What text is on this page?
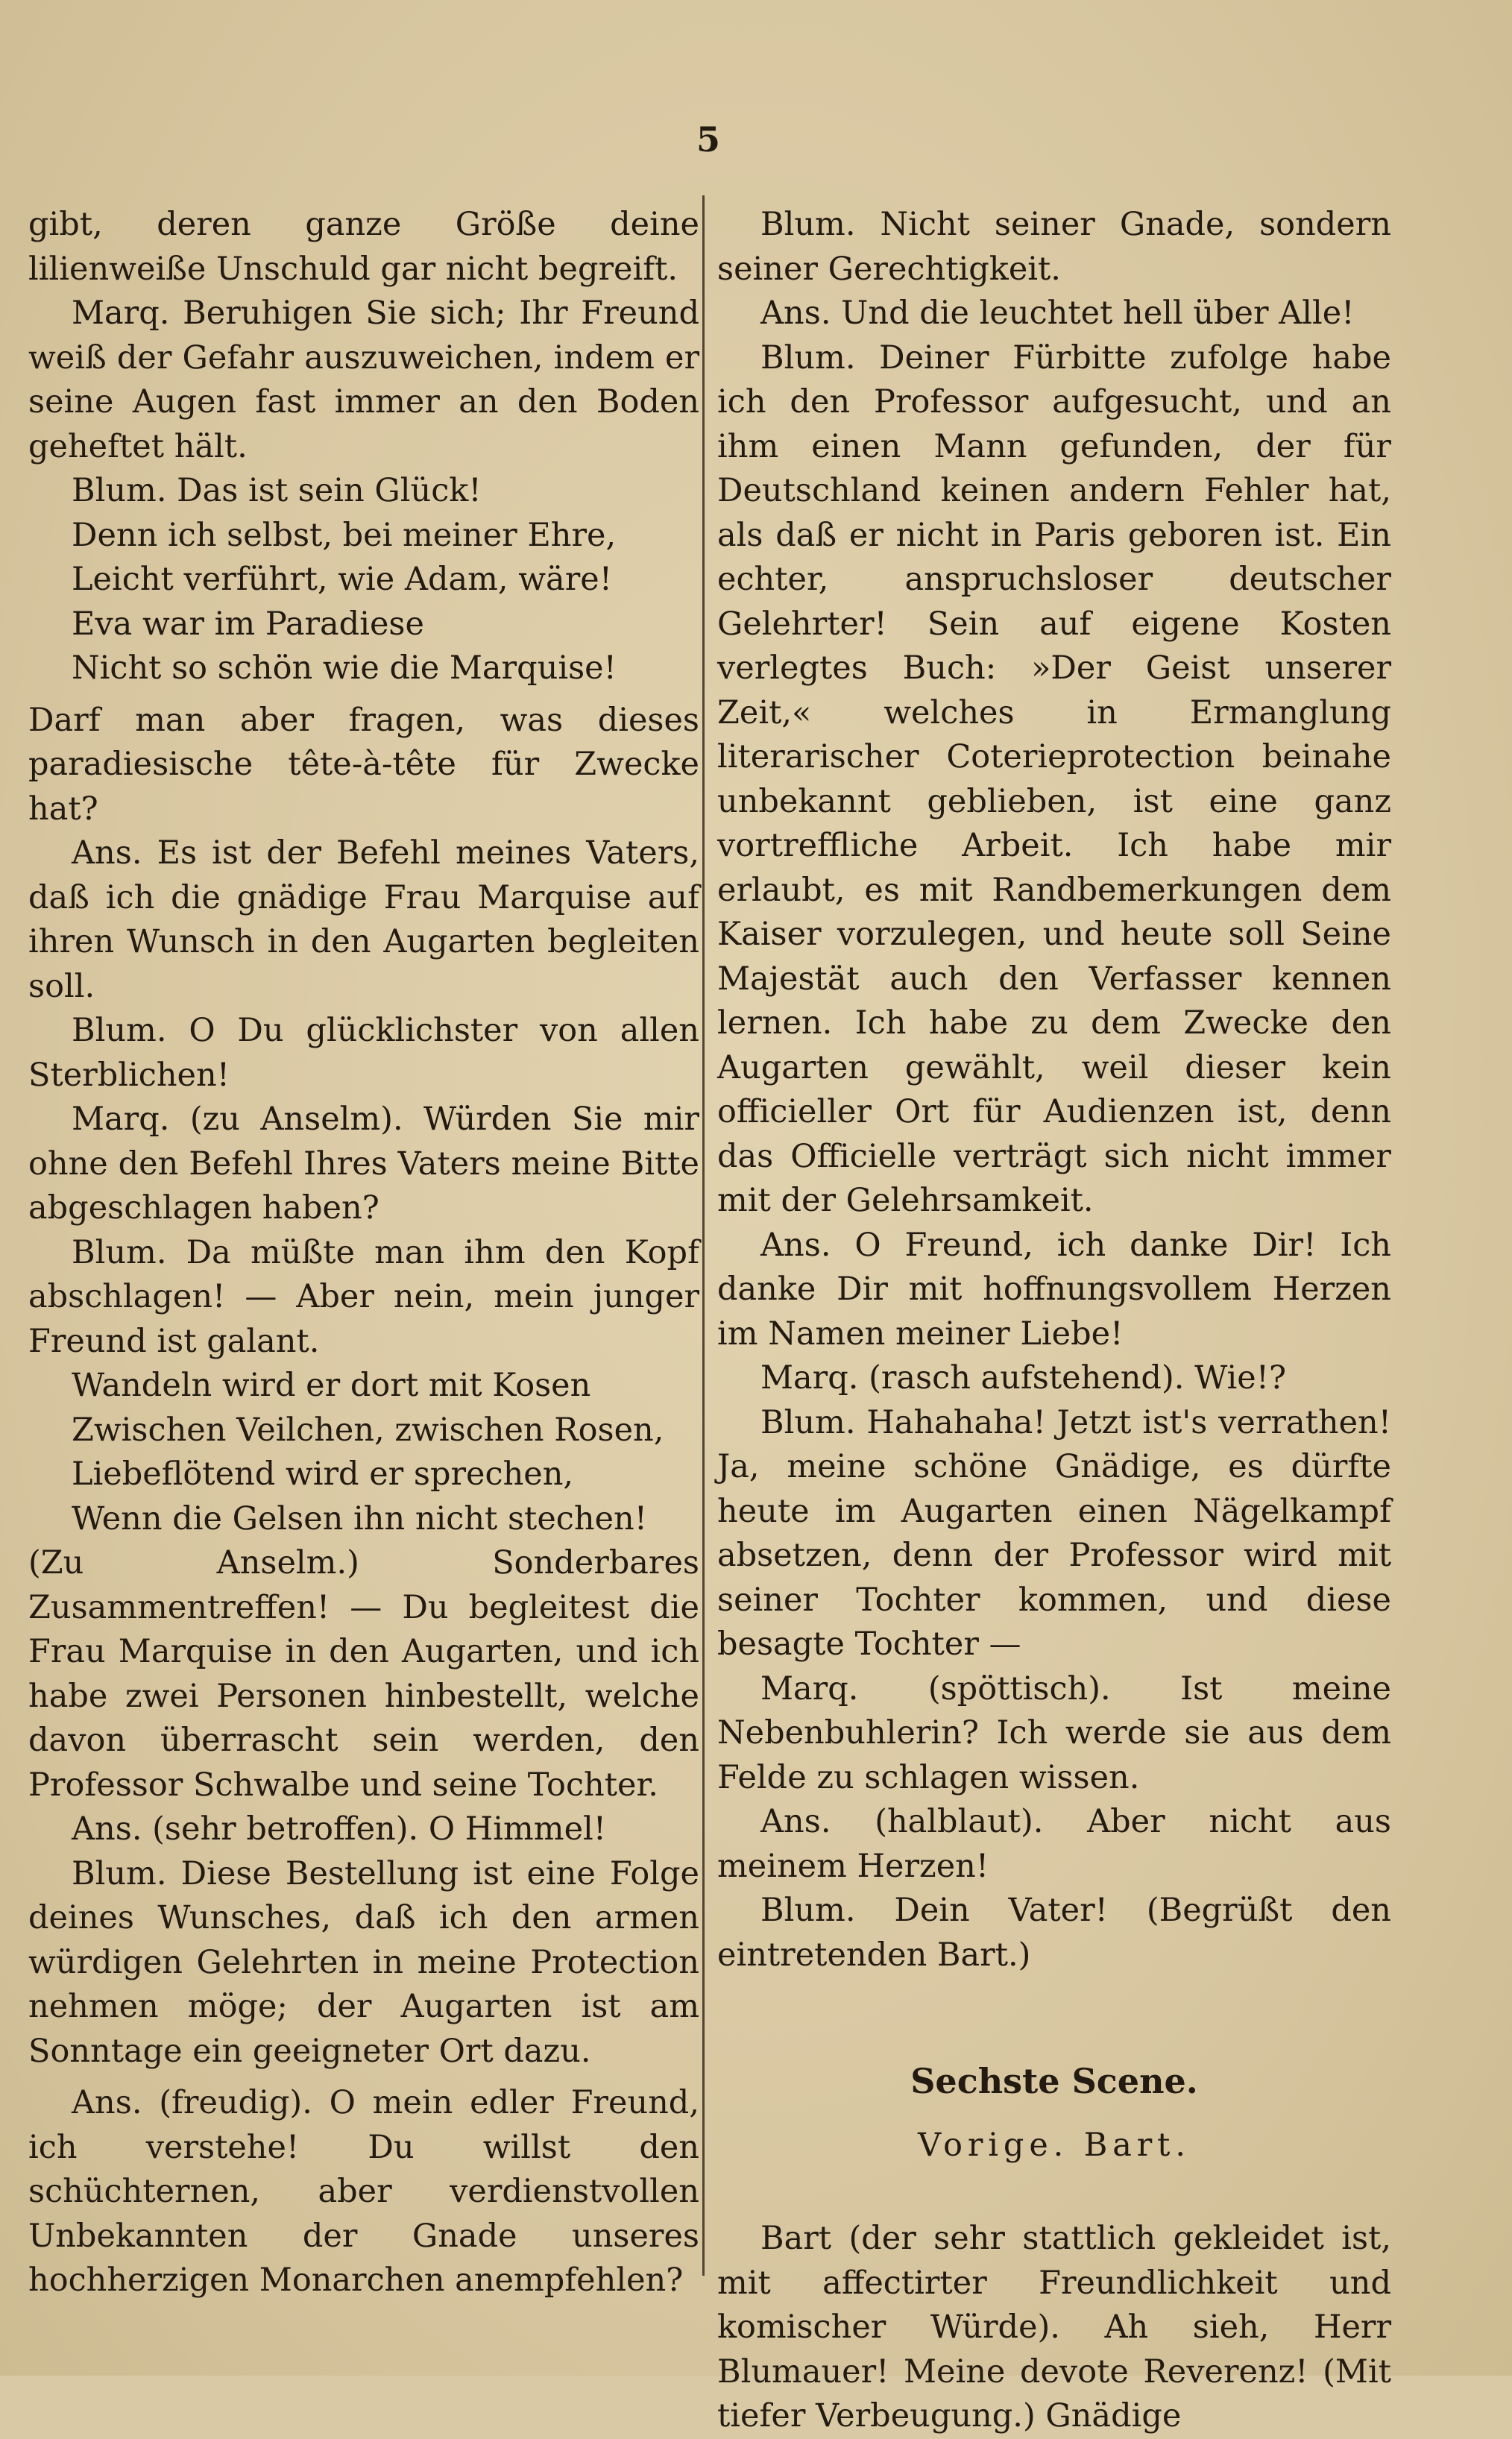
5

gibt, deren ganze Größe deine lilienweiße Unschuld gar nicht begreift.

Marq. Beruhigen Sie sich; Ihr Freund weiß der Gefahr auszuweichen, indem er seine Augen fast immer an den Boden geheftet hält.

Blum. Das ist sein Glück!

Denn ich selbst, bei meiner Ehre,

Leicht verführt, wie Adam, wäre!

Eva war im Paradiese

Nicht so schön wie die Marquise!

Darf man aber fragen, was dieses paradiesische tête-à-tête für Zwecke hat?

Ans. Es ist der Befehl meines Vaters, daß ich die gnädige Frau Marquise auf ihren Wunsch in den Augarten begleiten soll.

Blum. O Du glücklichster von allen Sterblichen!

Marq. (zu Anselm). Würden Sie mir ohne den Befehl Ihres Vaters meine Bitte abgeschlagen haben?

Blum. Da müßte man ihm den Kopf abschlagen! — Aber nein, mein junger Freund ist galant.

Wandeln wird er dort mit Kosen

Zwischen Veilchen, zwischen Rosen,

Liebeflötend wird er sprechen,

Wenn die Gelsen ihn nicht stechen!

(Zu Anselm.) Sonderbares Zusammentreffen! — Du begleitest die Frau Marquise in den Augarten, und ich habe zwei Personen hinbestellt, welche davon überrascht sein werden, den Professor Schwalbe und seine Tochter.

Ans. (sehr betroffen). O Himmel!

Blum. Diese Bestellung ist eine Folge deines Wunsches, daß ich den armen würdigen Gelehrten in meine Protection nehmen möge; der Augarten ist am Sonntage ein geeigneter Ort dazu.

Ans. (freudig). O mein edler Freund, ich verstehe! Du willst den schüchternen, aber verdienstvollen Unbekannten der Gnade unseres hochherzigen Monarchen anempfehlen?

Blum. Nicht seiner Gnade, sondern seiner Gerechtigkeit.

Ans. Und die leuchtet hell über Alle!

Blum. Deiner Fürbitte zufolge habe ich den Professor aufgesucht, und an ihm einen Mann gefunden, der für Deutschland keinen andern Fehler hat, als daß er nicht in Paris geboren ist. Ein echter, anspruchsloser deutscher Gelehrter! Sein auf eigene Kosten verlegtes Buch: »Der Geist unserer Zeit,« welches in Ermanglung literarischer Coterieprotection beinahe unbekannt geblieben, ist eine ganz vortreffliche Arbeit. Ich habe mir erlaubt, es mit Randbemerkungen dem Kaiser vorzulegen, und heute soll Seine Majestät auch den Verfasser kennen lernen. Ich habe zu dem Zwecke den Augarten gewählt, weil dieser kein officieller Ort für Audienzen ist, denn das Officielle verträgt sich nicht immer mit der Gelehrsamkeit.

Ans. O Freund, ich danke Dir! Ich danke Dir mit hoffnungsvollem Herzen im Namen meiner Liebe!

Marq. (rasch aufstehend). Wie!?

Blum. Hahahaha! Jetzt ist's verrathen! Ja, meine schöne Gnädige, es dürfte heute im Augarten einen Nägelkampf absetzen, denn der Professor wird mit seiner Tochter kommen, und diese besagte Tochter —

Marq. (spöttisch). Ist meine Nebenbuhlerin? Ich werde sie aus dem Felde zu schlagen wissen.

Ans. (halblaut). Aber nicht aus meinem Herzen!

Blum. Dein Vater! (Begrüßt den eintretenden Bart.)

Sechste Scene.

Vorige. Bart.

Bart (der sehr stattlich gekleidet ist, mit affectirter Freundlichkeit und komischer Würde). Ah sieh, Herr Blumauer! Meine devote Reverenz! (Mit tiefer Verbeugung.) Gnädige
